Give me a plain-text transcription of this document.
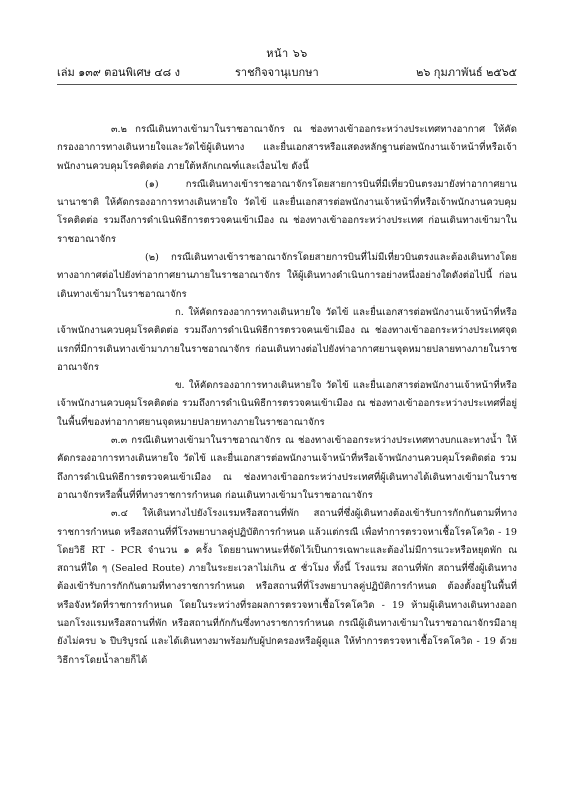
หน้า ๖๖
เล่ม ๑๓๙ ตอนพิเศษ ๔๘ ง	ราชกิจจานุเบกษา	๒๖ กุมภาพันธ์ ๒๕๖๕

๓.๒ กรณีเดินทางเข้ามาในราชอาณาจักร ณ ช่องทางเข้าออกระหว่างประเทศทางอากาศ ให้คัดกรองอาการทางเดินหายใจและวัดไข้ผู้เดินทาง และยื่นเอกสารหรือแสดงหลักฐานต่อพนักงานเจ้าหน้าที่หรือเจ้าพนักงานควบคุมโรคติดต่อ ภายใต้หลักเกณฑ์และเงื่อนไข ดังนี้

(๑) กรณีเดินทางเข้าราชอาณาจักรโดยสายการบินที่มีเที่ยวบินตรงมายังท่าอากาศยานนานาชาติ ให้คัดกรองอาการทางเดินหายใจ วัดไข้ และยื่นเอกสารต่อพนักงานเจ้าหน้าที่หรือเจ้าพนักงานควบคุมโรคติดต่อ รวมถึงการดำเนินพิธีการตรวจคนเข้าเมือง ณ ช่องทางเข้าออกระหว่างประเทศ ก่อนเดินทางเข้ามาในราชอาณาจักร

(๒) กรณีเดินทางเข้าราชอาณาจักรโดยสายการบินที่ไม่มีเที่ยวบินตรงและต้องเดินทางโดยทางอากาศต่อไปยังท่าอากาศยานภายในราชอาณาจักร ให้ผู้เดินทางดำเนินการอย่างหนึ่งอย่างใดดังต่อไปนี้ ก่อนเดินทางเข้ามาในราชอาณาจักร

ก. ให้คัดกรองอาการทางเดินหายใจ วัดไข้ และยื่นเอกสารต่อพนักงานเจ้าหน้าที่หรือเจ้าพนักงานควบคุมโรคติดต่อ รวมถึงการดำเนินพิธีการตรวจคนเข้าเมือง ณ ช่องทางเข้าออกระหว่างประเทศจุดแรกที่มีการเดินทางเข้ามาภายในราชอาณาจักร ก่อนเดินทางต่อไปยังท่าอากาศยานจุดหมายปลายทางภายในราชอาณาจักร

ข. ให้คัดกรองอาการทางเดินหายใจ วัดไข้ และยื่นเอกสารต่อพนักงานเจ้าหน้าที่หรือเจ้าพนักงานควบคุมโรคติดต่อ รวมถึงการดำเนินพิธีการตรวจคนเข้าเมือง ณ ช่องทางเข้าออกระหว่างประเทศที่อยู่ในพื้นที่ของท่าอากาศยานจุดหมายปลายทางภายในราชอาณาจักร

๓.๓ กรณีเดินทางเข้ามาในราชอาณาจักร ณ ช่องทางเข้าออกระหว่างประเทศทางบกและทางน้ำ ให้คัดกรองอาการทางเดินหายใจ วัดไข้ และยื่นเอกสารต่อพนักงานเจ้าหน้าที่หรือเจ้าพนักงานควบคุมโรคติดต่อ รวมถึงการดำเนินพิธีการตรวจคนเข้าเมือง ณ ช่องทางเข้าออกระหว่างประเทศที่ผู้เดินทางได้เดินทางเข้ามาในราชอาณาจักรหรือพื้นที่ที่ทางราชการกำหนด ก่อนเดินทางเข้ามาในราชอาณาจักร

๓.๔ ให้เดินทางไปยังโรงแรมหรือสถานที่พัก สถานที่ซึ่งผู้เดินทางต้องเข้ารับการกักกันตามที่ทางราชการกำหนด หรือสถานที่ที่โรงพยาบาลคู่ปฏิบัติการกำหนด แล้วแต่กรณี เพื่อทำการตรวจหาเชื้อโรคโควิด - 19 โดยวิธี RT - PCR จำนวน ๑ ครั้ง โดยยานพาหนะที่จัดไว้เป็นการเฉพาะและต้องไม่มีการแวะหรือหยุดพัก ณ สถานที่ใด ๆ (Sealed Route) ภายในระยะเวลาไม่เกิน ๕ ชั่วโมง ทั้งนี้ โรงแรม สถานที่พัก สถานที่ซึ่งผู้เดินทางต้องเข้ารับการกักกันตามที่ทางราชการกำหนด หรือสถานที่ที่โรงพยาบาลคู่ปฏิบัติการกำหนด ต้องตั้งอยู่ในพื้นที่หรือจังหวัดที่ราชการกำหนด โดยในระหว่างที่รอผลการตรวจหาเชื้อโรคโควิด - 19 ห้ามผู้เดินทางเดินทางออกนอกโรงแรมหรือสถานที่พัก หรือสถานที่กักกันซึ่งทางราชการกำหนด กรณีผู้เดินทางเข้ามาในราชอาณาจักรมีอายุยังไม่ครบ ๖ ปีบริบูรณ์ และได้เดินทางมาพร้อมกับผู้ปกครองหรือผู้ดูแล ให้ทำการตรวจหาเชื้อโรคโควิด - 19 ด้วยวิธีการโดยน้ำลายก็ได้
